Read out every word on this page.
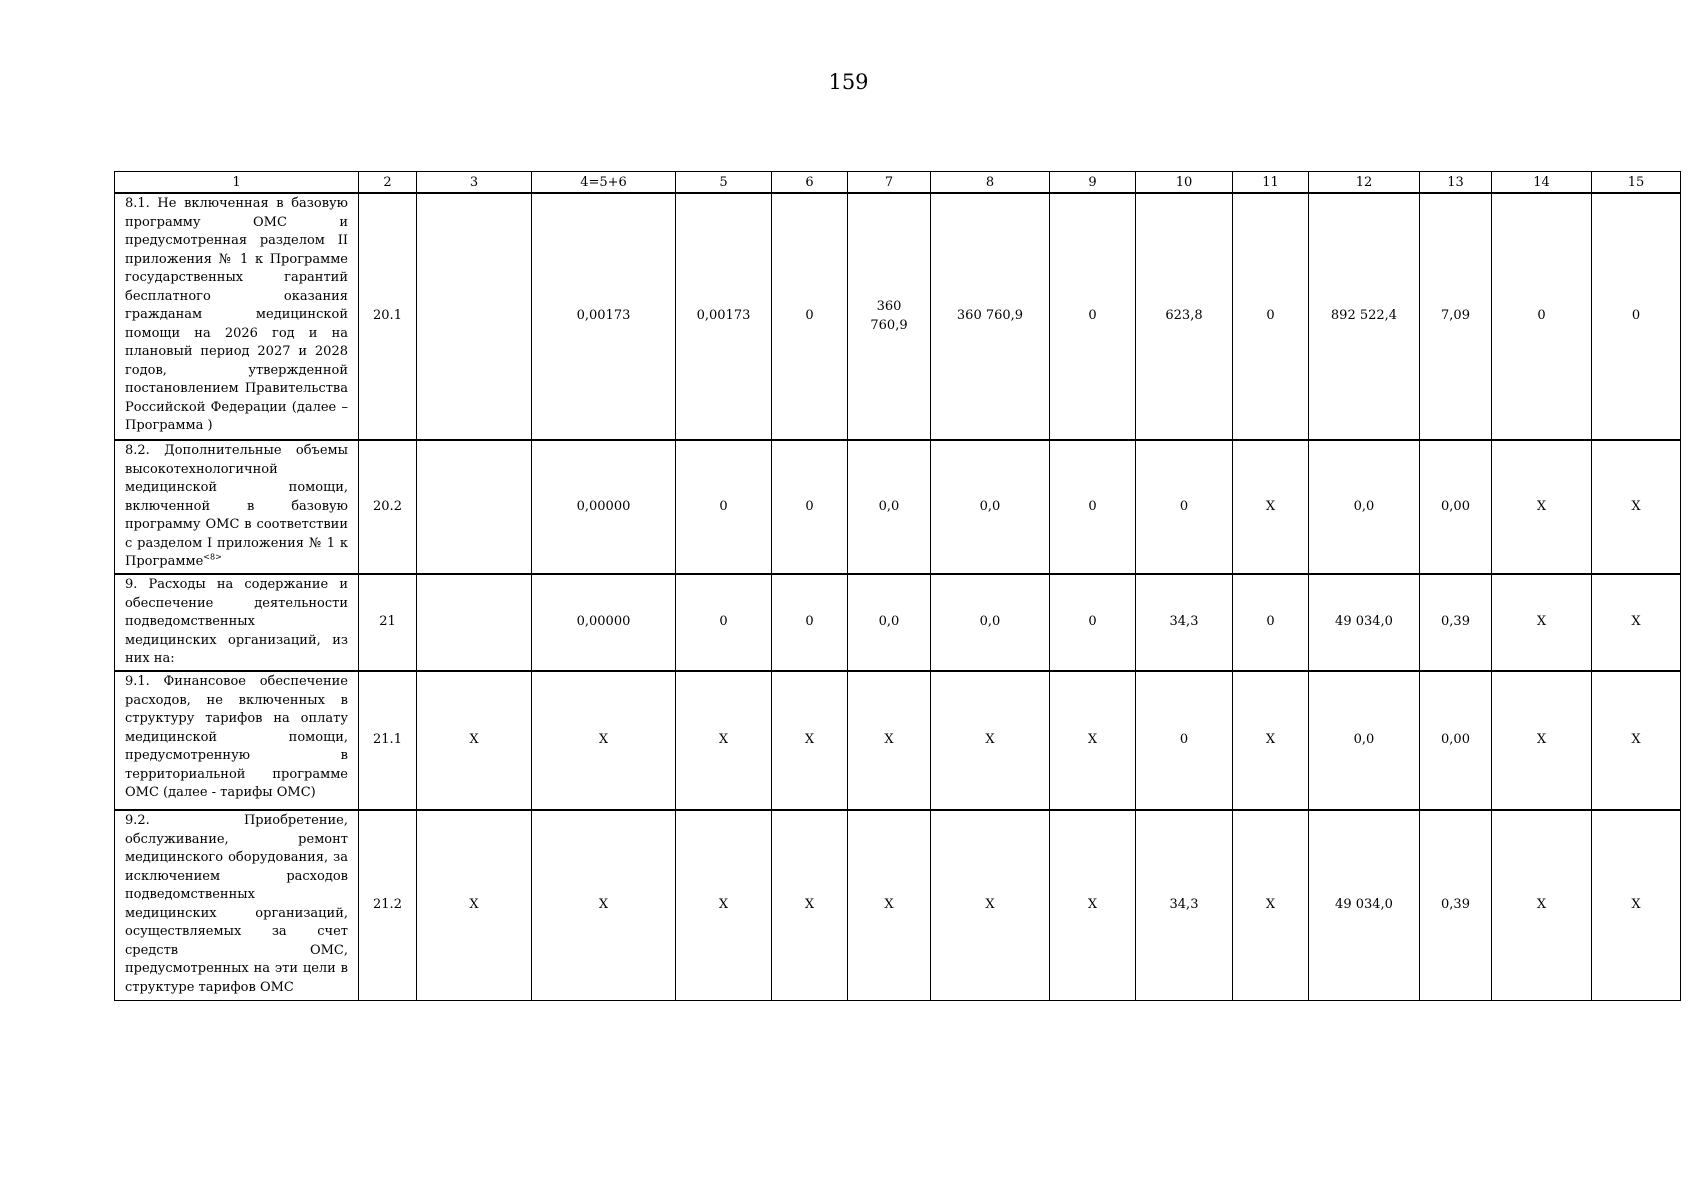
159
1	2	3	4=5+6	5	6	7	8	9	10	11	12	13	14	15
8.1. Не включенная в базовую программу ОМС и предусмотренная разделом II приложения № 1 к Программе государственных гарантий бесплатного оказания гражданам медицинской помощи на 2026 год и на плановый период 2027 и 2028 годов, утвержденной постановлением Правительства Российской Федерации (далее – Программа )	20.1		0,00173	0,00173	0	360 760,9	360 760,9	0	623,8	0	892 522,4	7,09	0	0
8.2. Дополнительные объемы высокотехнологичной медицинской помощи, включенной в базовую программу ОМС в соответствии с разделом I приложения № 1 к Программе$^{<8>}$	20.2		0,00000	0	0	0,0	0,0	0	0	Х	0,0	0,00	Х	Х
9. Расходы на содержание и обеспечение деятельности подведомственных медицинских организаций, из них на:	21		0,00000	0	0	0,0	0,0	0	34,3	0	49 034,0	0,39	Х	Х
9.1. Финансовое обеспечение расходов, не включенных в структуру тарифов на оплату медицинской помощи, предусмотренную в территориальной программе ОМС (далее - тарифы ОМС)	21.1	Х	Х	Х	Х	Х	Х	Х	0	Х	0,0	0,00	Х	Х
9.2. Приобретение, обслуживание, ремонт медицинского оборудования, за исключением расходов подведомственных медицинских организаций, осуществляемых за счет средств ОМС, предусмотренных на эти цели в структуре тарифов ОМС	21.2	Х	Х	Х	Х	Х	Х	Х	34,3	Х	49 034,0	0,39	Х	Х
